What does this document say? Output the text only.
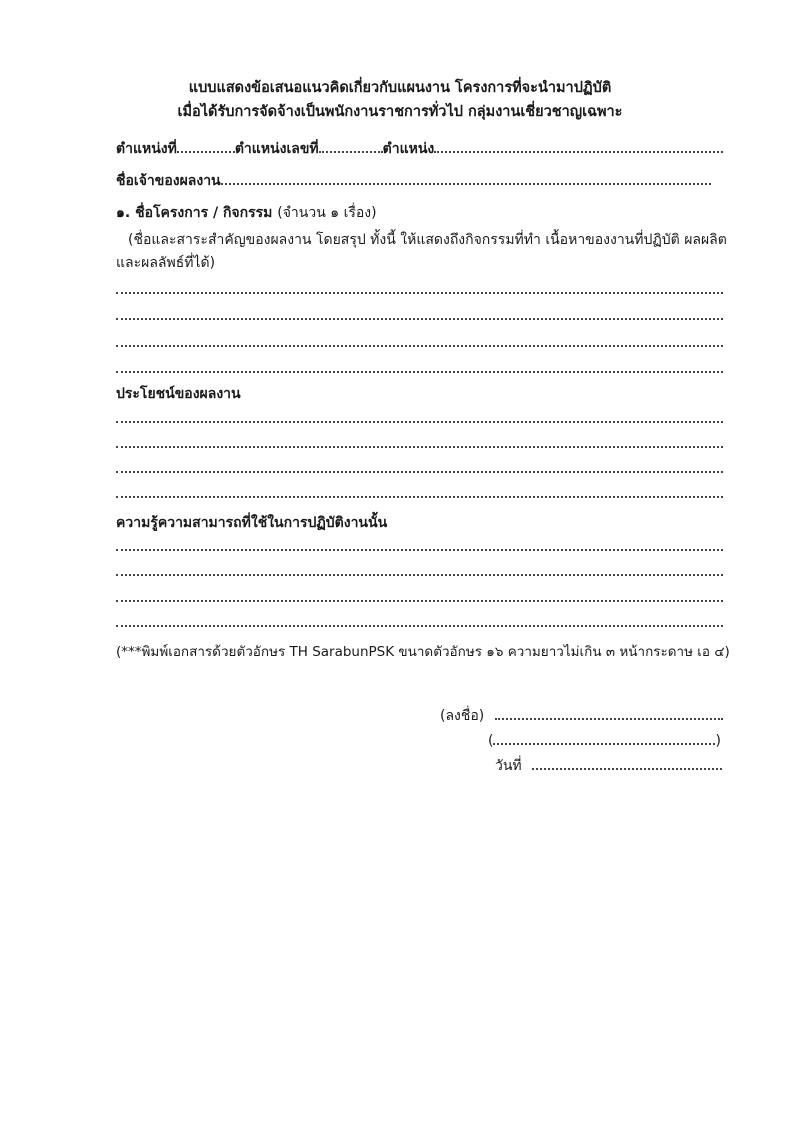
แบบแสดงข้อเสนอแนวคิดเกี่ยวกับแผนงาน โครงการที่จะนำมาปฏิบัติ
เมื่อได้รับการจัดจ้างเป็นพนักงานราชการทั่วไป กลุ่มงานเชี่ยวชาญเฉพาะ
ตำแหน่งที่	ตำแหน่งเลขที่	ตำแหน่ง
ชื่อเจ้าของผลงาน
๑. ชื่อโครงการ / กิจกรรม (จำนวน ๑ เรื่อง)
(ชื่อและสาระสำคัญของผลงาน โดยสรุป ทั้งนี้ ให้แสดงถึงกิจกรรมที่ทำ เนื้อหาของงานที่ปฏิบัติ ผลผลิต
และผลลัพธ์ที่ได้)
ประโยชน์ของผลงาน
ความรู้ความสามารถที่ใช้ในการปฏิบัติงานนั้น
(***พิมพ์เอกสารด้วยตัวอักษร TH SarabunPSK ขนาดตัวอักษร ๑๖ ความยาวไม่เกิน ๓ หน้ากระดาษ เอ ๔)
(ลงชื่อ)
(	)
วันที่
